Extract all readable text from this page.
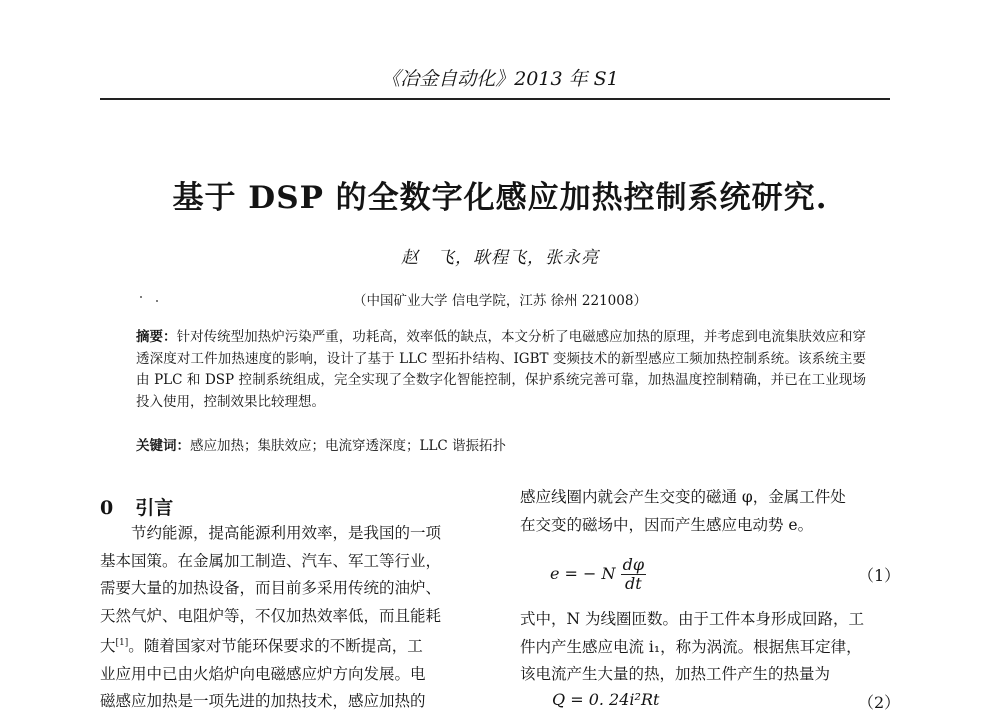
《冶金自动化》2013 年 S1
基于 DSP 的全数字化感应加热控制系统研究.
赵　飞，耿程飞，张永亮
（中国矿业大学 信电学院，江苏 徐州 221008）
摘要：针对传统型加热炉污染严重，功耗高，效率低的缺点，本文分析了电磁感应加热的原理，并考虑到电流集肤效应和穿透深度对工件加热速度的影响，设计了基于 LLC 型拓扑结构、IGBT 变频技术的新型感应工频加热控制系统。该系统主要由 PLC 和 DSP 控制系统组成，完全实现了全数字化智能控制，保护系统完善可靠，加热温度控制精确，并已在工业现场投入使用，控制效果比较理想。
关键词：感应加热；集肤效应；电流穿透深度；LLC 谐振拓扑
0 引言
　　节约能源，提高能源利用效率，是我国的一项
基本国策。在金属加工制造、汽车、军工等行业，
需要大量的加热设备，而目前多采用传统的油炉、
天然气炉、电阻炉等，不仅加热效率低，而且能耗
大[1]。随着国家对节能环保要求的不断提高，工
业应用中已由火焰炉向电磁感应炉方向发展。电
磁感应加热是一项先进的加热技术，感应加热的
感应线圈内就会产生交变的磁通 φ，金属工件处
在交变的磁场中，因而产生感应电动势 e。
e = − N $\frac{d\varphi}{dt}$	（1）
式中，N 为线圈匝数。由于工件本身形成回路，工
件内产生感应电流 i₁，称为涡流。根据焦耳定律，
该电流产生大量的热，加热工件产生的热量为
Q = 0. 24i²Rt	（2）
